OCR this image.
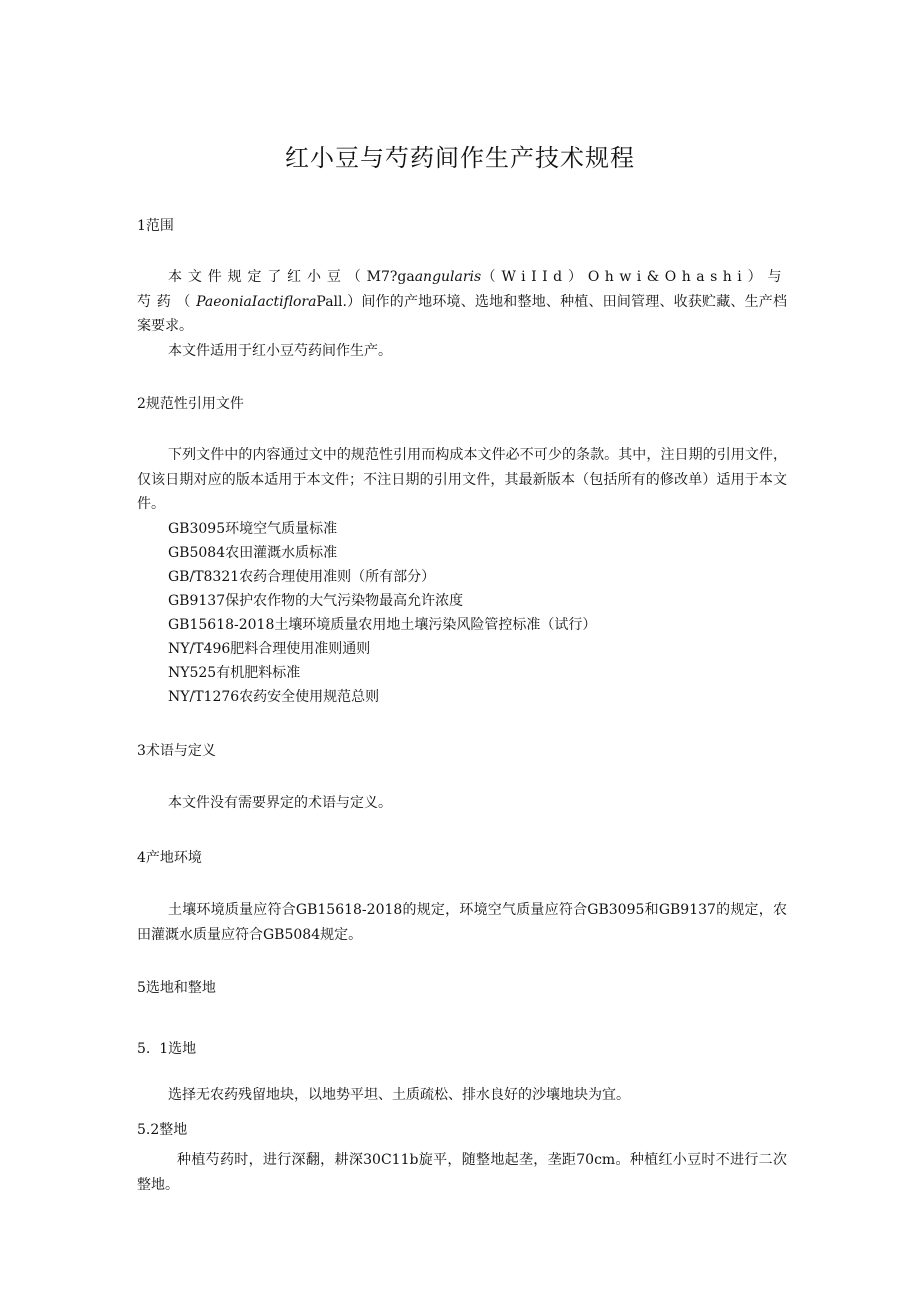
红小豆与芍药间作生产技术规程
1范围
本文件规定了红小豆（M7?gaangularis（WiIId）Ohwi&Ohashi）与芍药（PaeoniaIactifloraPall.）间作的产地环境、选地和整地、种植、田间管理、收获贮藏、生产档案要求。
本文件适用于红小豆芍药间作生产。
2规范性引用文件
下列文件中的内容通过文中的规范性引用而构成本文件必不可少的条款。其中，注日期的引用文件，仅该日期对应的版本适用于本文件；不注日期的引用文件，其最新版本（包括所有的修改单）适用于本文件。
GB3095环境空气质量标准
GB5084农田灌溉水质标准
GB/T8321农药合理使用准则（所有部分）
GB9137保护农作物的大气污染物最高允许浓度
GB15618-2018土壤环境质量农用地土壤污染风险管控标准（试行）
NY/T496肥料合理使用准则通则
NY525有机肥料标准
NY/T1276农药安全使用规范总则
3术语与定义
本文件没有需要界定的术语与定义。
4产地环境
土壤环境质量应符合GB15618-2018的规定，环境空气质量应符合GB3095和GB9137的规定，农田灌溉水质量应符合GB5084规定。
5选地和整地
5.  1选地
选择无农药残留地块，以地势平坦、土质疏松、排水良好的沙壤地块为宜。
5.2整地
种植芍药时，进行深翻，耕深30C11b旋平，随整地起垄，垄距70cm。种植红小豆时不进行二次整地。
